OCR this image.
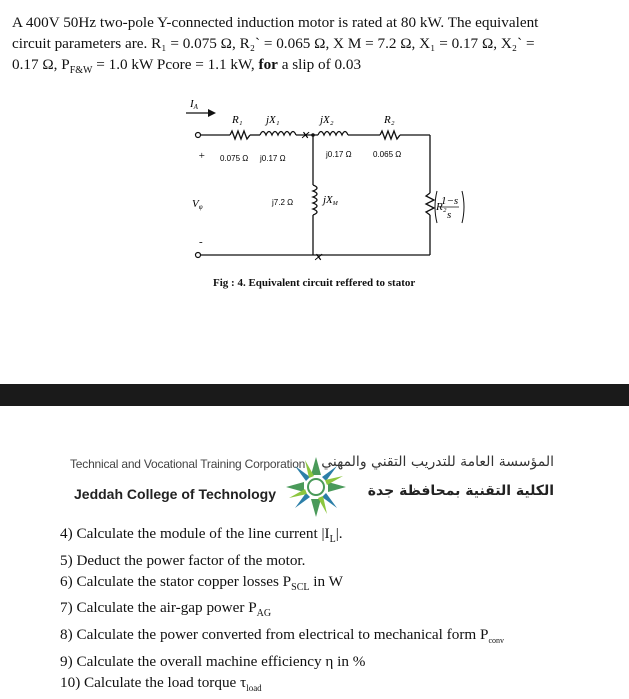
A 400V 50Hz two-pole Y-connected induction motor is rated at 80 kW. The equivalent
circuit parameters are. R₁ = 0.075 Ω, R₂` = 0.065 Ω, X M = 7.2 Ω, X₁ = 0.17 Ω, X₂` =
0.17 Ω, $P_{F\&W} = 1.0$ kW Pcore = 1.1 kW, for a slip of 0.03
✕
✕
IA
+
Vφ
-
R₁ jX₁	jX₂	R₂
0.075 Ω j0.17 Ω	j0.17 Ω	0.065 Ω
j7.2 Ω	jXM	R₂
1−s
s
Fig : 4. Equivalent circuit reffered to stator
Technical and Vocational Training Corporation
Jeddah College of Technology
المؤسسة العامة للتدريب التقني والمهني
الكلية التقنية بمحافظة جدة
4) Calculate the module of the line current $|I_L|$.
5) Deduct the power factor of the motor.
6) Calculate the stator copper losses $P_{SCL}$ in W
7) Calculate the air-gap power $P_{AG}$
8) Calculate the power converted from electrical to mechanical form $P_{conv}$
9) Calculate the overall machine efficiency η in %
10) Calculate the load torque $\tau_{load}$
